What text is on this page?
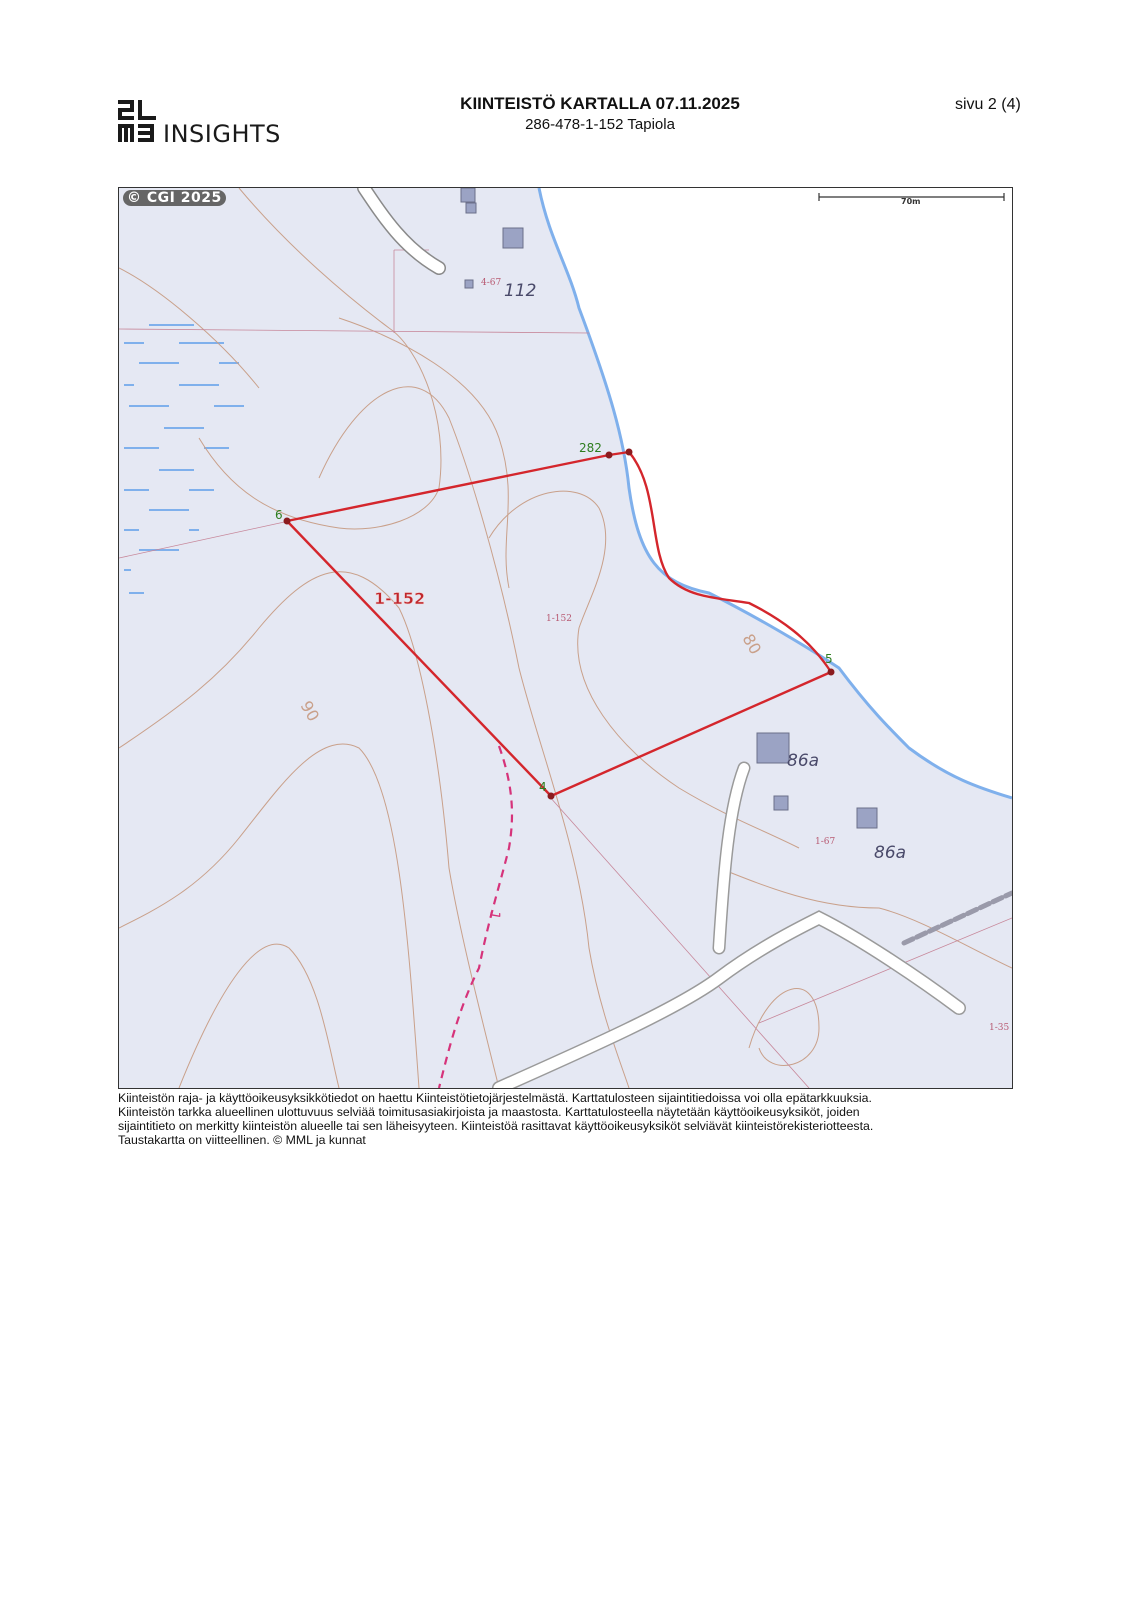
INSIGHTS
KIINTEISTÖ KARTALLA 07.11.2025
286-478-1-152 Tapiola
sivu 2 (4)
70m
282
6
5
4
1-152
1-152
4-67
1-67
1-35
112
86a
86a
80
90
1
© CGI 2025
Kiinteistön raja- ja käyttöoikeusyksikkötiedot on haettu Kiinteistötietojärjestelmästä. Karttatulosteen sijaintitiedoissa voi olla epätarkkuuksia.
Kiinteistön tarkka alueellinen ulottuvuus selviää toimitusasiakirjoista ja maastosta. Karttatulosteella näytetään käyttöoikeusyksiköt, joiden
sijaintitieto on merkitty kiinteistön alueelle tai sen läheisyyteen. Kiinteistöä rasittavat käyttöoikeusyksiköt selviävät kiinteistörekisteriotteesta.
Taustakartta on viitteellinen. © MML ja kunnat
